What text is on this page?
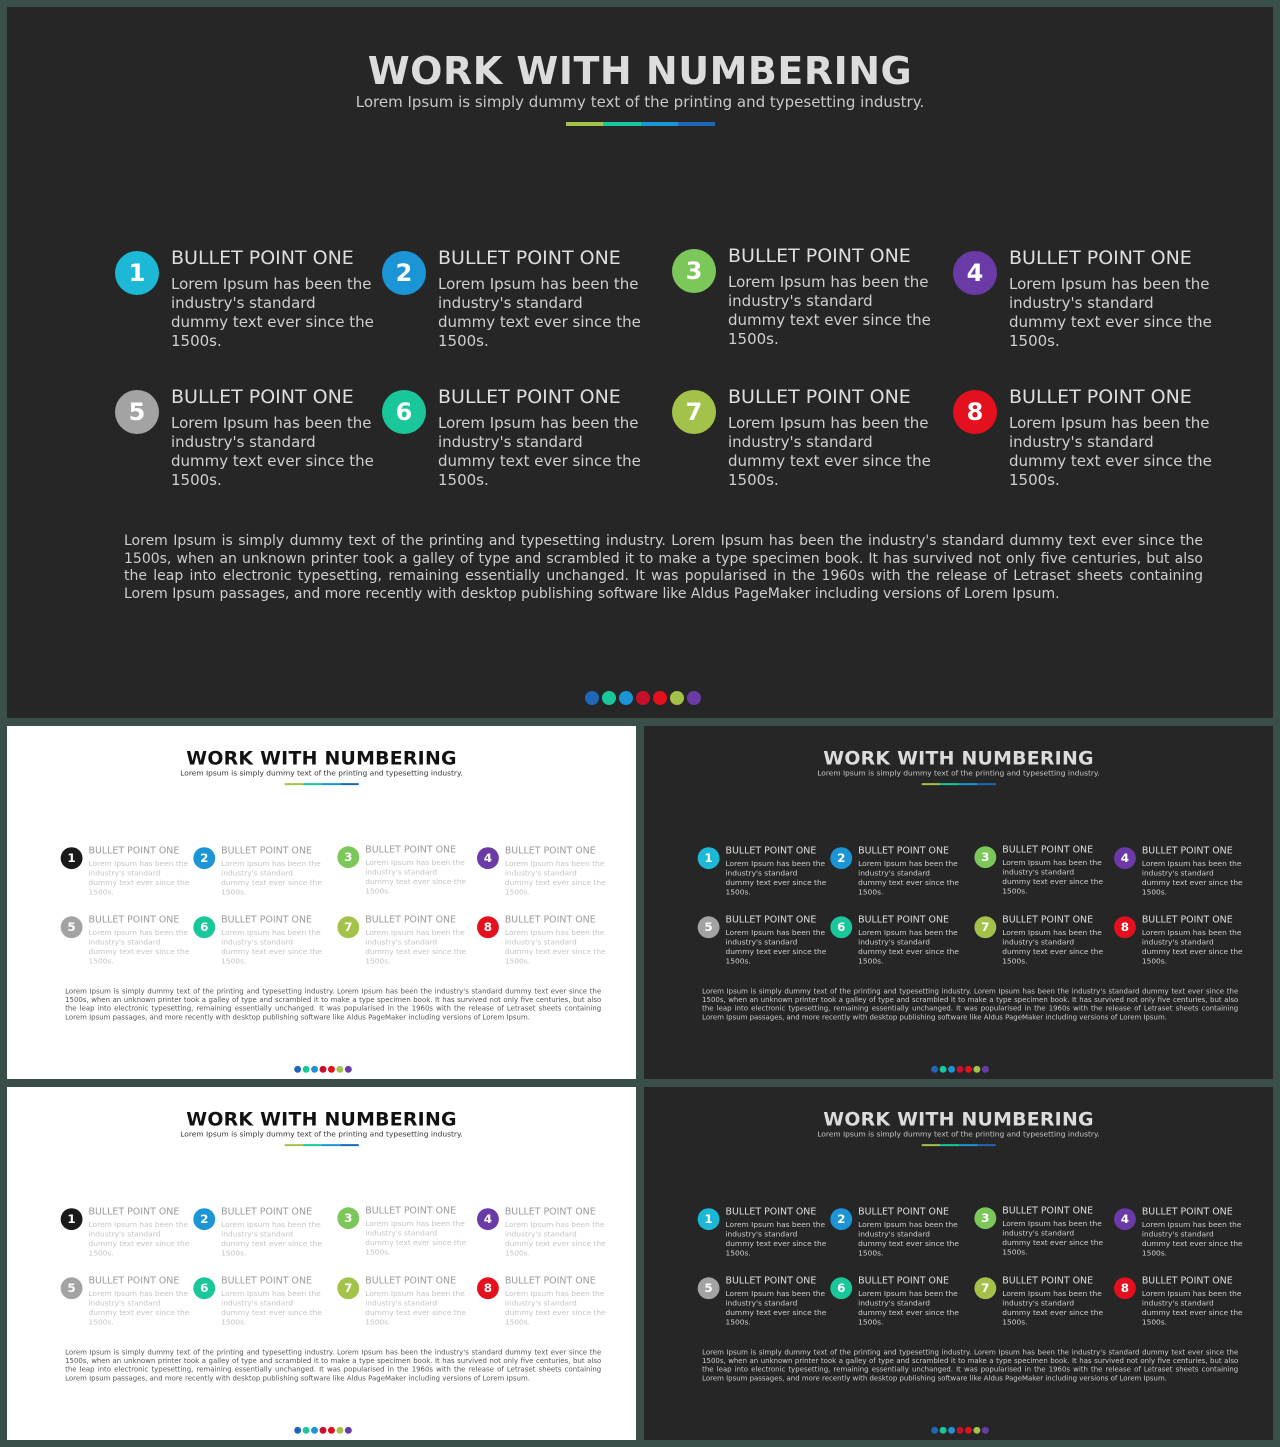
WORK WITH NUMBERING
Lorem Ipsum is simply dummy text of the printing and typesetting industry.
1
BULLET POINT ONE
Lorem Ipsum has been the industry's standard dummy text ever since the 1500s.
2
BULLET POINT ONE
Lorem Ipsum has been the industry's standard dummy text ever since the 1500s.
3
BULLET POINT ONE
Lorem Ipsum has been the industry's standard dummy text ever since the 1500s.
4
BULLET POINT ONE
Lorem Ipsum has been the industry's standard dummy text ever since the 1500s.
5
BULLET POINT ONE
Lorem Ipsum has been the industry's standard dummy text ever since the 1500s.
6
BULLET POINT ONE
Lorem Ipsum has been the industry's standard dummy text ever since the 1500s.
7
BULLET POINT ONE
Lorem Ipsum has been the industry's standard dummy text ever since the 1500s.
8
BULLET POINT ONE
Lorem Ipsum has been the industry's standard dummy text ever since the 1500s.
Lorem Ipsum is simply dummy text of the printing and typesetting industry. Lorem Ipsum has been the industry's standard dummy text ever since the 1500s, when an unknown printer took a galley of type and scrambled it to make a type specimen book. It has survived not only five centuries, but also the leap into electronic typesetting, remaining essentially unchanged. It was popularised in the 1960s with the release of Letraset sheets containing Lorem Ipsum passages, and more recently with desktop publishing software like Aldus PageMaker including versions of Lorem Ipsum.
WORK WITH NUMBERING
Lorem Ipsum is simply dummy text of the printing and typesetting industry.
1
BULLET POINT ONE
Lorem Ipsum has been the industry's standard dummy text ever since the 1500s.
2
BULLET POINT ONE
Lorem Ipsum has been the industry's standard dummy text ever since the 1500s.
3
BULLET POINT ONE
Lorem Ipsum has been the industry's standard dummy text ever since the 1500s.
4
BULLET POINT ONE
Lorem Ipsum has been the industry's standard dummy text ever since the 1500s.
5
BULLET POINT ONE
Lorem Ipsum has been the industry's standard dummy text ever since the 1500s.
6
BULLET POINT ONE
Lorem Ipsum has been the industry's standard dummy text ever since the 1500s.
7
BULLET POINT ONE
Lorem Ipsum has been the industry's standard dummy text ever since the 1500s.
8
BULLET POINT ONE
Lorem Ipsum has been the industry's standard dummy text ever since the 1500s.
Lorem Ipsum is simply dummy text of the printing and typesetting industry. Lorem Ipsum has been the industry's standard dummy text ever since the 1500s, when an unknown printer took a galley of type and scrambled it to make a type specimen book. It has survived not only five centuries, but also the leap into electronic typesetting, remaining essentially unchanged. It was popularised in the 1960s with the release of Letraset sheets containing Lorem Ipsum passages, and more recently with desktop publishing software like Aldus PageMaker including versions of Lorem Ipsum.
WORK WITH NUMBERING
Lorem Ipsum is simply dummy text of the printing and typesetting industry.
1
BULLET POINT ONE
Lorem Ipsum has been the industry's standard dummy text ever since the 1500s.
2
BULLET POINT ONE
Lorem Ipsum has been the industry's standard dummy text ever since the 1500s.
3
BULLET POINT ONE
Lorem Ipsum has been the industry's standard dummy text ever since the 1500s.
4
BULLET POINT ONE
Lorem Ipsum has been the industry's standard dummy text ever since the 1500s.
5
BULLET POINT ONE
Lorem Ipsum has been the industry's standard dummy text ever since the 1500s.
6
BULLET POINT ONE
Lorem Ipsum has been the industry's standard dummy text ever since the 1500s.
7
BULLET POINT ONE
Lorem Ipsum has been the industry's standard dummy text ever since the 1500s.
8
BULLET POINT ONE
Lorem Ipsum has been the industry's standard dummy text ever since the 1500s.
Lorem Ipsum is simply dummy text of the printing and typesetting industry. Lorem Ipsum has been the industry's standard dummy text ever since the 1500s, when an unknown printer took a galley of type and scrambled it to make a type specimen book. It has survived not only five centuries, but also the leap into electronic typesetting, remaining essentially unchanged. It was popularised in the 1960s with the release of Letraset sheets containing Lorem Ipsum passages, and more recently with desktop publishing software like Aldus PageMaker including versions of Lorem Ipsum.
WORK WITH NUMBERING
Lorem Ipsum is simply dummy text of the printing and typesetting industry.
1
BULLET POINT ONE
Lorem Ipsum has been the industry's standard dummy text ever since the 1500s.
2
BULLET POINT ONE
Lorem Ipsum has been the industry's standard dummy text ever since the 1500s.
3
BULLET POINT ONE
Lorem Ipsum has been the industry's standard dummy text ever since the 1500s.
4
BULLET POINT ONE
Lorem Ipsum has been the industry's standard dummy text ever since the 1500s.
5
BULLET POINT ONE
Lorem Ipsum has been the industry's standard dummy text ever since the 1500s.
6
BULLET POINT ONE
Lorem Ipsum has been the industry's standard dummy text ever since the 1500s.
7
BULLET POINT ONE
Lorem Ipsum has been the industry's standard dummy text ever since the 1500s.
8
BULLET POINT ONE
Lorem Ipsum has been the industry's standard dummy text ever since the 1500s.
Lorem Ipsum is simply dummy text of the printing and typesetting industry. Lorem Ipsum has been the industry's standard dummy text ever since the 1500s, when an unknown printer took a galley of type and scrambled it to make a type specimen book. It has survived not only five centuries, but also the leap into electronic typesetting, remaining essentially unchanged. It was popularised in the 1960s with the release of Letraset sheets containing Lorem Ipsum passages, and more recently with desktop publishing software like Aldus PageMaker including versions of Lorem Ipsum.
WORK WITH NUMBERING
Lorem Ipsum is simply dummy text of the printing and typesetting industry.
1
BULLET POINT ONE
Lorem Ipsum has been the industry's standard dummy text ever since the 1500s.
2
BULLET POINT ONE
Lorem Ipsum has been the industry's standard dummy text ever since the 1500s.
3
BULLET POINT ONE
Lorem Ipsum has been the industry's standard dummy text ever since the 1500s.
4
BULLET POINT ONE
Lorem Ipsum has been the industry's standard dummy text ever since the 1500s.
5
BULLET POINT ONE
Lorem Ipsum has been the industry's standard dummy text ever since the 1500s.
6
BULLET POINT ONE
Lorem Ipsum has been the industry's standard dummy text ever since the 1500s.
7
BULLET POINT ONE
Lorem Ipsum has been the industry's standard dummy text ever since the 1500s.
8
BULLET POINT ONE
Lorem Ipsum has been the industry's standard dummy text ever since the 1500s.
Lorem Ipsum is simply dummy text of the printing and typesetting industry. Lorem Ipsum has been the industry's standard dummy text ever since the 1500s, when an unknown printer took a galley of type and scrambled it to make a type specimen book. It has survived not only five centuries, but also the leap into electronic typesetting, remaining essentially unchanged. It was popularised in the 1960s with the release of Letraset sheets containing Lorem Ipsum passages, and more recently with desktop publishing software like Aldus PageMaker including versions of Lorem Ipsum.
